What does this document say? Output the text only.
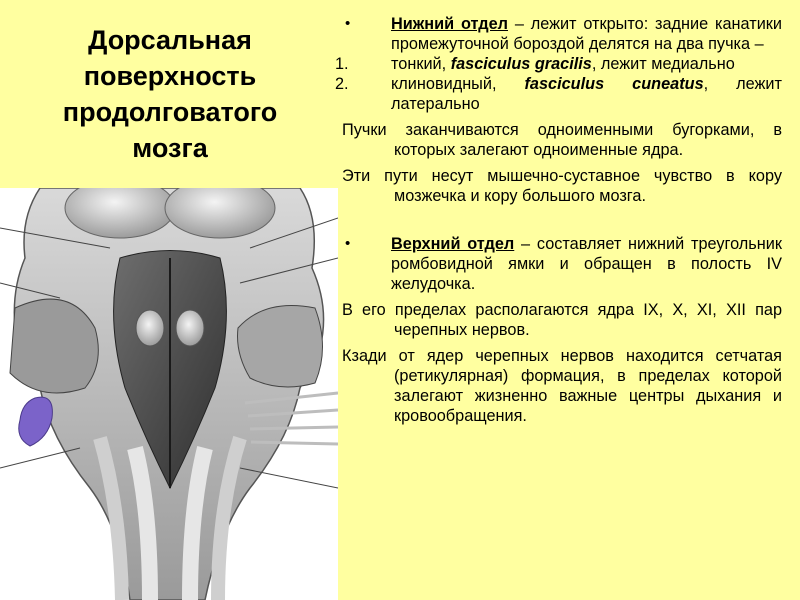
Дорсальная
поверхность
продолговатого
мозга
•	Нижний отдел – лежит открыто: задние канатики промежуточной бороздой делятся на два пучка –
1.	тонкий, fasciculus gracilis, лежит медиально
2.	клиновидный, fasciculus cuneatus, лежит латерально
Пучки заканчиваются одноименными бугорками, в которых залегают одноименные ядра.
Эти пути несут мышечно-суставное чувство в кору мозжечка и кору большого мозга.
•	Верхний отдел – составляет нижний треугольник ромбовидной ямки и обращен в полость IV желудочка.
В его пределах располагаются ядра IX, X, XI, XII пар черепных нервов.
Кзади от ядер черепных нервов находится сетчатая (ретикулярная) формация, в пределах которой залегают жизненно важные центры дыхания и кровообращения.
